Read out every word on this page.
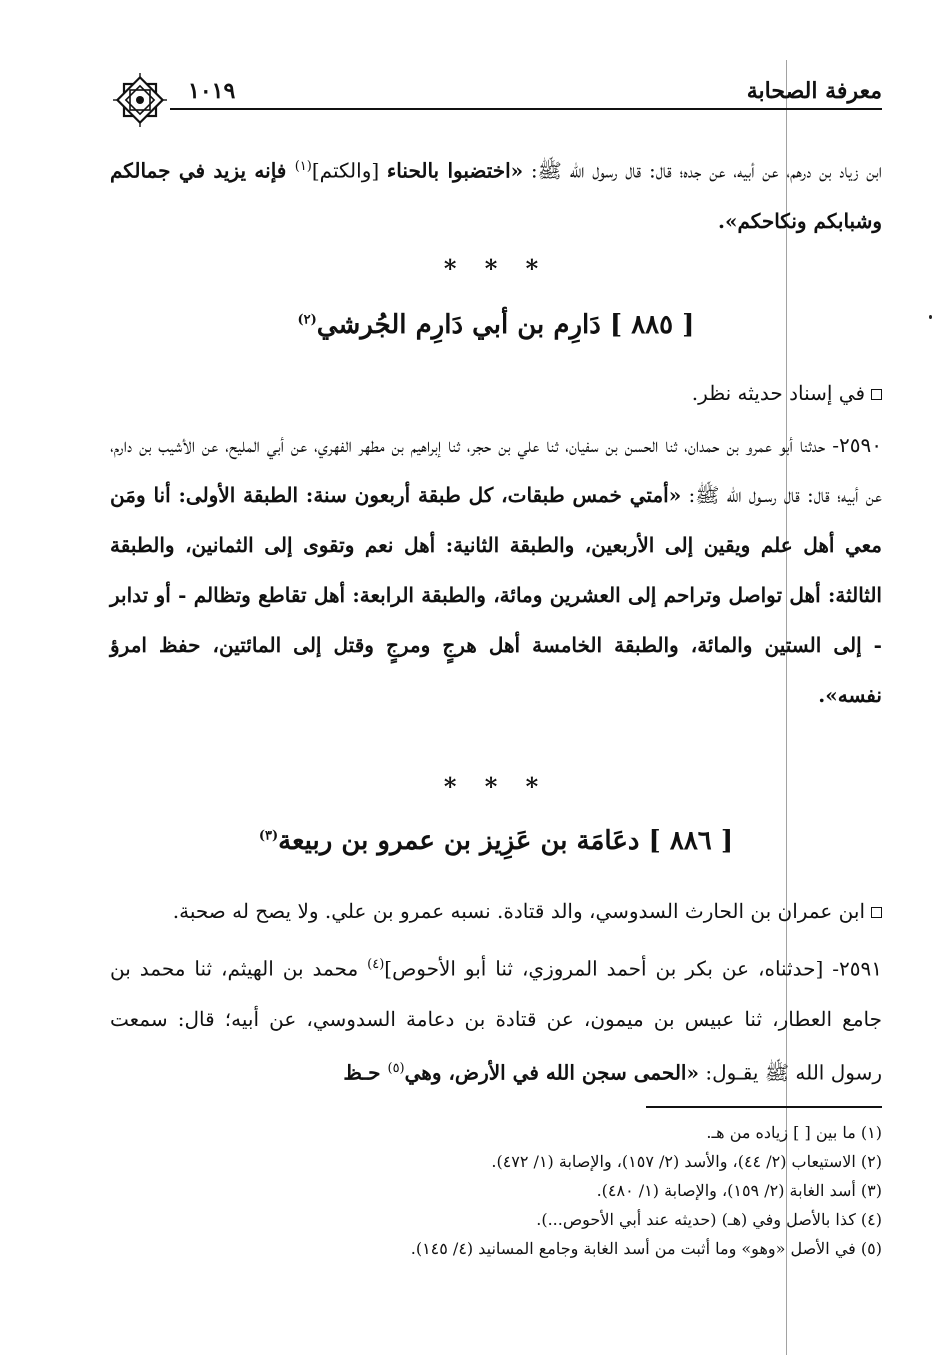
معرفة الصحابة
١٠١٩

ابن زياد بن درهم، عن أبيه، عن جده؛ قال: قال رسول الله ﷺ: «اختضبوا بالحناء [والكتم]$^{(١)}$ فإنه يزيد في جمالكم وشبابكم ونكاحكم».

* * *
[ ٨٨٥ ] دَارِم بن أبي دَارِم الجُرشي$^{(٢)}$

في إسناد حديثه نظر.

٢٥٩٠- حدثنا أبو عمرو بن حمدان، ثنا الحسن بن سفيان، ثنا علي بن حجر، ثنا إبراهيم بن مطهر الفهري، عن أبي المليح، عن الأشيب بن دارم، عن أبيه؛ قال: قال رسـول الله ﷺ: «أمتي خمس طبقات، كل طبقة أربعون سنة: الطبقة الأولى: أنا ومَن معي أهل علم ويقين إلى الأربعين، والطبقة الثانية: أهل نعم وتقوى إلى الثمانين، والطبقة الثالثة: أهل تواصل وتراحم إلى العشرين ومائة، والطبقة الرابعة: أهل تقاطع وتظالم - أو تدابر - إلى الستين والمائة، والطبقة الخامسة أهل هرجٍ ومرجٍ وقتل إلى المائتين، حفظ امرؤ نفسه».

* * *
[ ٨٨٦ ] دعَامَة بن عَزِيز بن عمرو بن ربيعة$^{(٣)}$

ابن عمران بن الحارث السدوسي، والد قتادة. نسبه عمرو بن علي. ولا يصح له صحبة.

٢٥٩١- [حدثناه، عن بكر بن أحمد المروزي، ثنا أبو الأحوص]$^{(٤)}$ محمد بن الهيثم، ثنا محمد بن جامع العطار، ثنا عبيس بن ميمون، عن قتادة بن دعامة السدوسي، عن أبيه؛ قال: سمعت رسول الله ﷺ يقـول: «الحمى سجن الله في الأرض، وهي$^{(٥)}$ حـظ

(١) ما بين [ ] زياده من هـ.
(٢) الاستيعاب (٢/ ٤٤)، والأسد (٢/ ١٥٧)، والإصابة (١/ ٤٧٢).
(٣) أسد الغابة (٢/ ١٥٩)، والإصابة (١/ ٤٨٠).
(٤) كذا بالأصل وفي (هـ) (حديثه عند أبي الأحوص...).
(٥) في الأصل «وهو» وما أثبت من أسد الغابة وجامع المسانيد (٤/ ١٤٥).
